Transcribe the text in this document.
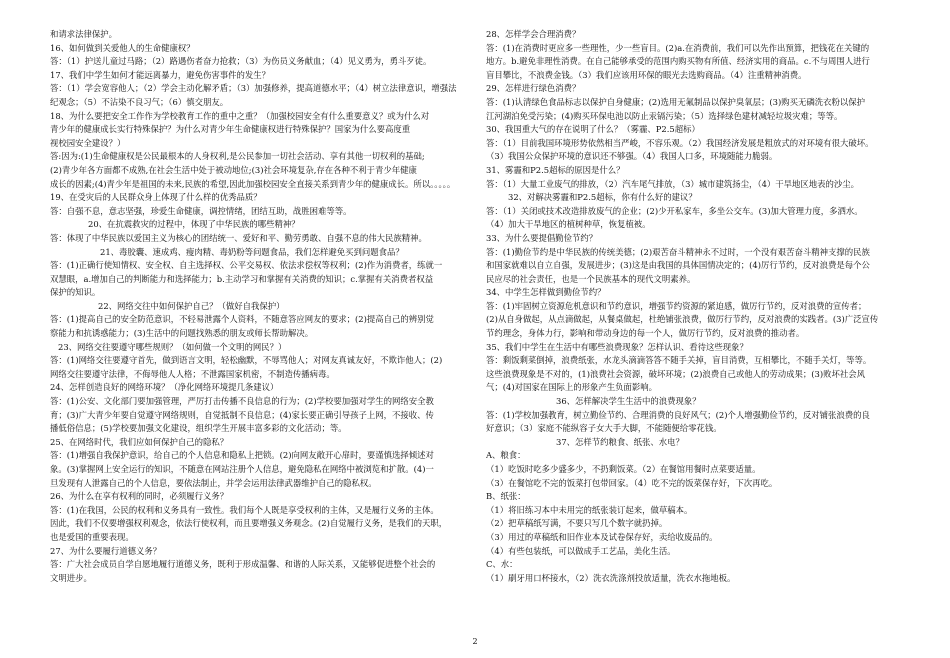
和请求法律保护。
16、如何做到关爱他人的生命健康权？
答：（1）护送儿童过马路；（2）路遇伤者奋力抢救；（3）为伤员义务献血；（4）见义勇为，勇斗歹徒。
17、我们中学生如何才能远离暴力，避免伤害事件的发生？
答：（1）学会宽容他人；（2）学会主动化解矛盾；（3）加强修养，提高道德水平；（4）树立法律意识，增强法
纪观念；（5）不沾染不良习气；（6）慎交朋友。
18、为什么要把安全工作作为学校教育工作的重中之重？（加强校园安全有什么重要意义？或为什么对
青少年的健康成长实行特殊保护？为什么对青少年生命健康权进行特殊保护？国家为什么要高度重
视校园安全建设？）
答:因为:(1)生命健康权是公民最根本的人身权利,是公民参加一切社会活动、享有其他一切权利的基础;
(2)青少年各方面都不成熟,在社会生活中处于被动地位;(3)社会环境复杂,存在各种不利于青少年健康
成长的因素;(4)青少年是祖国的未来,民族的希望,因此加强校园安全直接关系到青少年的健康成长。所以。。。。。
19、在受灾后的人民群众身上体现了什么样的优秀品质？
答：自强不息，意志坚强，珍爱生命健康，调控情绪，团结互助，战胜困难等等。
20、在抗震救灾的过程中，体现了中华民族的哪些精神？
答：体现了中华民族以爱国主义为核心的团结统一、爱好和平、勤劳勇敢、自强不息的伟大民族精神。
21、毒胶囊、速成鸡、瘦肉精、毒奶粉等问题食品，我们怎样避免买到问题食品？
答：(1)正确行使知情权、安全权、自主选择权、公平交易权、依法求偿权等权利；(2)作为消费者，练就一
双慧眼，a.增加自己的判断能力和选择能力；b.主动学习和掌握有关消费的知识；c.掌握有关消费者权益
保护的知识。
22、网络交往中如何保护自己？（做好自我保护）
答：(1)提高自己的安全防范意识，不轻易泄露个人资料，不随意答应网友的要求；(2)提高自己的辨别觉
察能力和抗诱惑能力；(3)生活中的问题找熟悉的朋友或师长帮助解决。
23、网络交往要遵守哪些规则？（如何做一个文明的网民？）
答：(1)网络交往要遵守首先，做到语言文明，轻松幽默，不辱骂他人；对网友真诚友好，不欺诈他人；(2)
网络交往要遵守法律，不侮辱他人人格；不泄露国家机密，不制造传播病毒。
24、怎样创造良好的网络环境？（净化网络环境提几条建议）
答：(1)公安、文化部门要加强管理，严厉打击传播不良信息的行为；(2)学校要加强对学生的网络安全教
育；(3)广大青少年要自觉遵守网络规则，自觉抵制不良信息；(4)家长要正确引导孩子上网，不接收、传
播低俗信息；(5)学校要加强文化建设，组织学生开展丰富多彩的文化活动；等。
25、在网络时代，我们应如何保护自己的隐私？
答：(1)增强自我保护意识，给自己的个人信息和隐私上把锁。(2)向网友敞开心扉时，要谨慎选择倾述对
象。(3)掌握网上安全运行的知识，不随意在网站注册个人信息，避免隐私在网络中被浏览和扩散。(4)一
旦发现有人泄露自己的个人信息，要依法制止，并学会运用法律武器维护自己的隐私权。
26、为什么在享有权利的同时，必须履行义务？
答：(1)在我国，公民的权利和义务具有一致性。我们每个人既是享受权利的主体，又是履行义务的主体。
因此，我们不仅要增强权利观念，依法行使权利，而且要增强义务观念。(2)自觉履行义务，是我们的天职，
也是爱国的重要表现。
27、为什么要履行道德义务？
答：广大社会成员自学自愿地履行道德义务，既利于形成温馨、和谐的人际关系，又能够促进整个社会的
文明进步。
28、怎样学会合理消费？
答：(1)在消费时更应多一些理性，少一些盲目。(2)a.在消费前，我们可以先作出预算，把钱花在关键的
地方。b.避免非理性消费。在自己能够承受的范围内购买物有所值、经济实用的商品。c.不与周围人进行
盲目攀比，不浪费金钱。（3）我们应该用环保的眼光去选购商品。（4）注重精神消费。
29、怎样进行绿色消费？
答：(1)认清绿色食品标志以保护自身健康；(2)选用无氟制品以保护臭氧层；(3)购买无磷洗衣粉以保护
江河湖泊免受污染；(4)购买环保电池以防止汞镉污染；（5）选择绿色建材减轻垃圾灾难；等等。
30、我国重大气的存在说明了什么？（雾霾、P2.5超标）
答：（1）目前我国环境形势依然相当严峻，不容乐观。（2）我国经济发展是粗放式的对环境有很大破坏。
（3）我国公众保护环境的意识还不够强。（4）我国人口多，环境随能力脆弱。
31、雾霾和P2.5超标的原因是什么？
答：（1）大量工业废气的排放，（2）汽车尾气排放，（3）城市建筑扬尘，（4）干旱地区地表的沙尘。
32、对解决雾霾和P2.5超标，你有什么好的建议？
答：（1）关闭或技术改造排放废气的企业；(2)少开私家车，多坐公交车。(3)加大管理力度，多洒水。
（4）加大干旱地区的植树种草，恢复植被。
33、为什么要提倡勤俭节约？
答：(1)勤俭节约是中华民族的传统美德；(2)艰苦奋斗精神永不过时，一个没有艰苦奋斗精神支撑的民族
和国家就难以自立自强，发展进步；(3)这是由我国的具体国情决定的；(4)厉行节约，反对浪费是每个公
民应尽的社会责任，也是一个民族基本的现代文明素养。
34、中学生怎样做到勤俭节约？
答：(1)牢固树立资源危机意识和节约意识，增强节约资源的紧迫感，做厉行节约，反对浪费的宣传者；
(2)从自身做起，从点滴做起，从餐桌做起，杜绝铺张浪费，做厉行节约，反对浪费的实践者。(3)广泛宣传
节约理念，身体力行，影响和带动身边的每一个人，做厉行节约，反对浪费的推动者。
35、我们中学生在生活中有哪些浪费现象？怎样认识、看待这些现象？
答：剩饭剩菜倒掉，浪费纸张，水龙头滴滴答答不随手关掉，盲目消费，互相攀比，不随手关灯，等等。
这些浪费现象是不对的，(1)浪费社会资源，破坏环境；(2)浪费自己或他人的劳动成果；(3)败坏社会风
气；(4)对国家在国际上的形象产生负面影响。
36、怎样解决学生生活中的浪费现象？
答：(1)学校加强教育，树立勤俭节约、合理消费的良好风气；(2)个人增强勤俭节约，反对铺张浪费的良
好意识；（3）家庭不能纵容子女大手大脚，不能随便给零花钱。
37、怎样节约粮食、纸张、水电？
A、粮食：
（1）吃饭时吃多少盛多少，不扔剩饭菜。（2）在餐馆用餐时点菜要适量。
（3）在餐馆吃不完的饭菜打包带回家。（4）吃不完的饭菜保存好，下次再吃。
B、纸张：
（1）将旧练习本中未用完的纸张装订起来，做草稿本。
（2）把草稿纸写满，不要只写几个数字就扔掉。
（3）用过的草稿纸和旧作业本及试卷保存好，卖给收废品的。
（4）有些包装纸，可以做成手工艺品，美化生活。
C、水：
（1）刷牙用口杯接水，（2）洗衣洗涤剂投放适量，洗衣水拖地板。
2
